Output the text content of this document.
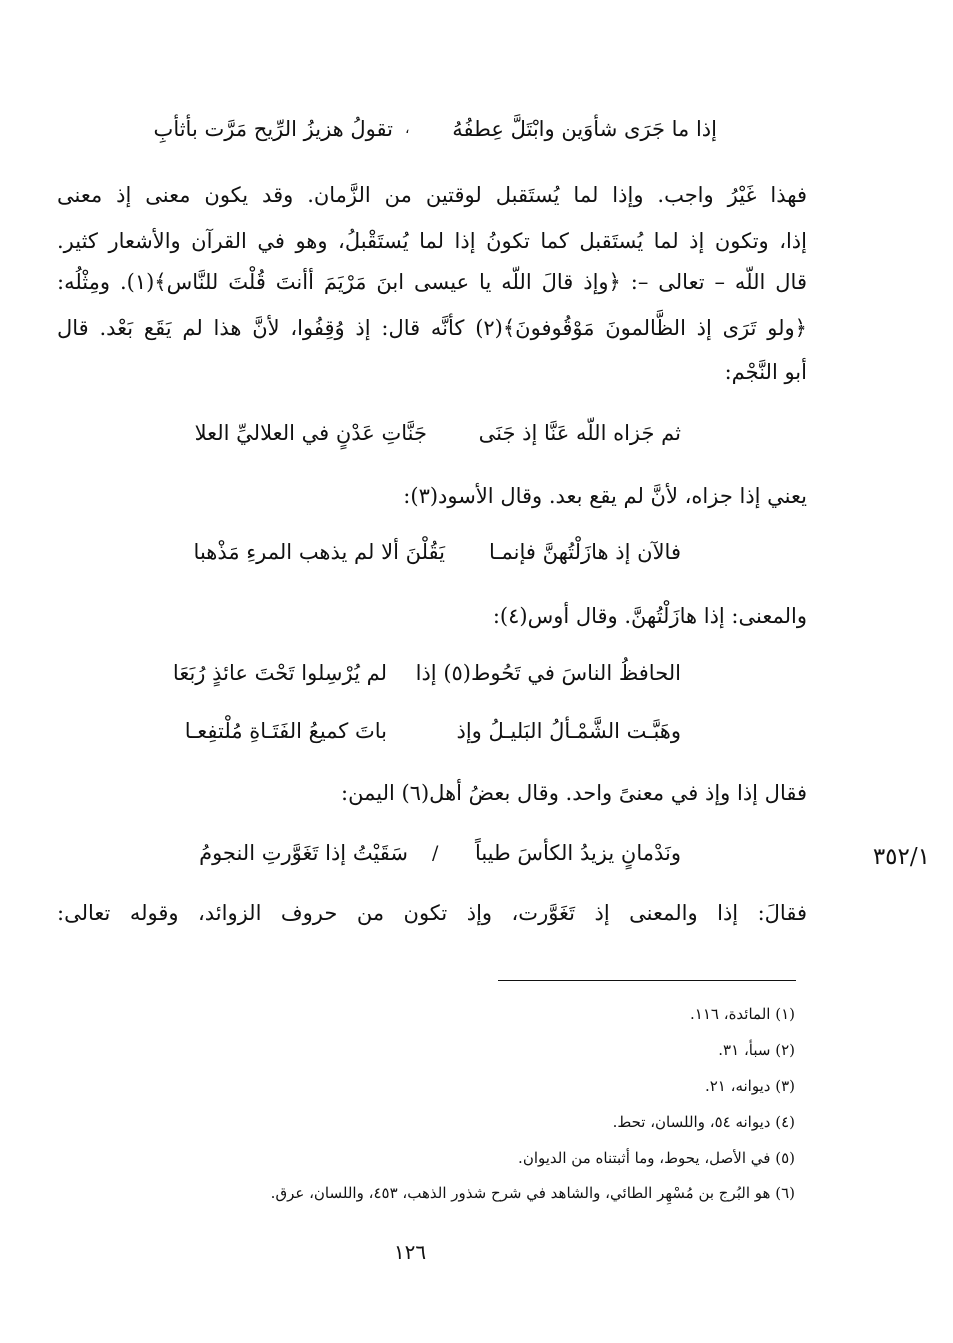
إذا ما جَرَى شأوَين وابْتَلَّ عِطفُهُ
،
تقولُ هزيزُ الرِّيح مَرَّت بأثأبِ
فهذا غَيْرُ واجب. وإذا لما يُستَقبل لوقتين من الزَّمان. وقد يكون معنى إذ معنى
إذا، وتكون إذ لما يُستَقبل كما تكونُ إذا لما يُستَقْبلُ، وهو في القرآن والأشعار كثير.
قال اللّه – تعالى –: ﴿وإذ قالَ اللّه يا عيسى ابنَ مَرْيَمَ أأنتَ قُلْتَ للنَّاس﴾(١). ومِثْلُه:
﴿ولو تَرَى إذ الظَّالمونَ مَوْقُوفونَ﴾(٢) كأنَّه قال: إذ وُقِفُوا، لأنَّ هذا لم يَقَع بَعْد. قال
أبو النَّجْم:
ثم جَزاه اللّه عَنَّا إذ جَنَى
جَنَّاتِ عَدْنٍ في العلاليِّ العلا
يعني إذا جزاه، لأنَّ لم يقع بعد. وقال الأسود(٣):
فالآن إذ هازَلْتُهنَّ فإنمـا
يَقُلْنَ ألا لم يذهب المرءِ مَذْهبا
والمعنى: إذا هازَلْتُهنَّ. وقال أوس(٤):
الحافظُ الناسَ في تَحُوط(٥) إذا
لم يُرْسِلوا تَحْتَ عائذٍ رُبَعَا
وهَبَّـت الشَّمْـألُ البَليـلُ وإذ
باتَ كميعُ الفَتَـاةِ مُلْتفِعـا
فقال إذا وإذ في معنىً واحد. وقال بعضُ أهل(٦) اليمن:
ونَدْمانٍ يزيدُ الكأسَ طيباً
/
سَقَيْتُ إذا تَغَوَّرتِ النجومُ	٣٥٢/١
فقالَ: إذا والمعنى إذ تَغَوَّرت، وإذ تكون من حروف الزوائد، وقوله تعالى:
(١) المائدة، ١١٦.
(٢) سبأ، ٣١.
(٣) ديوانه، ٢١.
(٤) ديوانه ٥٤، واللسان، تحط.
(٥) في الأصل، يحوط، وما أثبتناه من الديوان.
(٦) هو البُرج بن مُسْهِر الطائي، والشاهد في شرح شذور الذهب، ٤٥٣، واللسان، عرق.
١٢٦
